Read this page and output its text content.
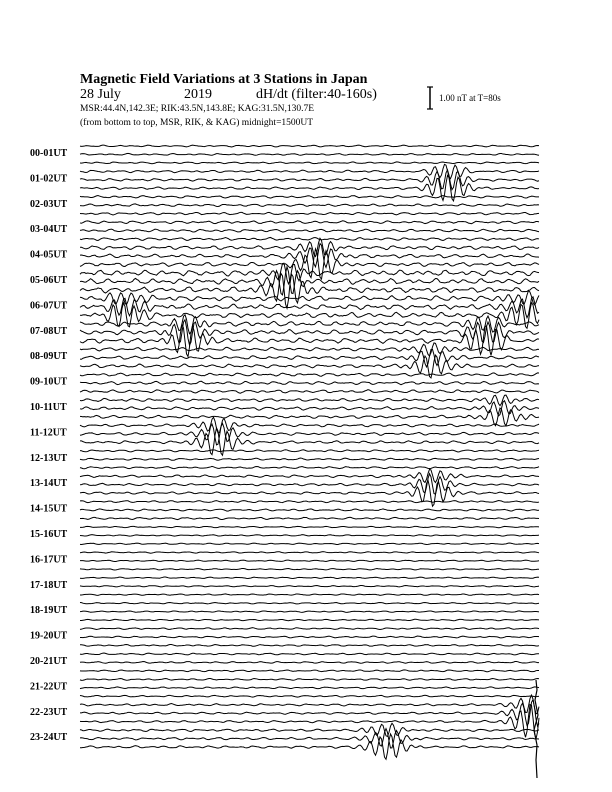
00-01UT
01-02UT
02-03UT
03-04UT
04-05UT
05-06UT
06-07UT
07-08UT
08-09UT
09-10UT
10-11UT
11-12UT
12-13UT
13-14UT
14-15UT
15-16UT
16-17UT
17-18UT
18-19UT
19-20UT
20-21UT
21-22UT
22-23UT
23-24UT
Magnetic Field Variations at 3 Stations in Japan
28 July	2019	dH/dt (filter:40-160s)
MSR:44.4N,142.3E; RIK:43.5N,143.8E; KAG:31.5N,130.7E
(from bottom to top, MSR, RIK, & KAG) midnight=1500UT
1.00 nT at T=80s
